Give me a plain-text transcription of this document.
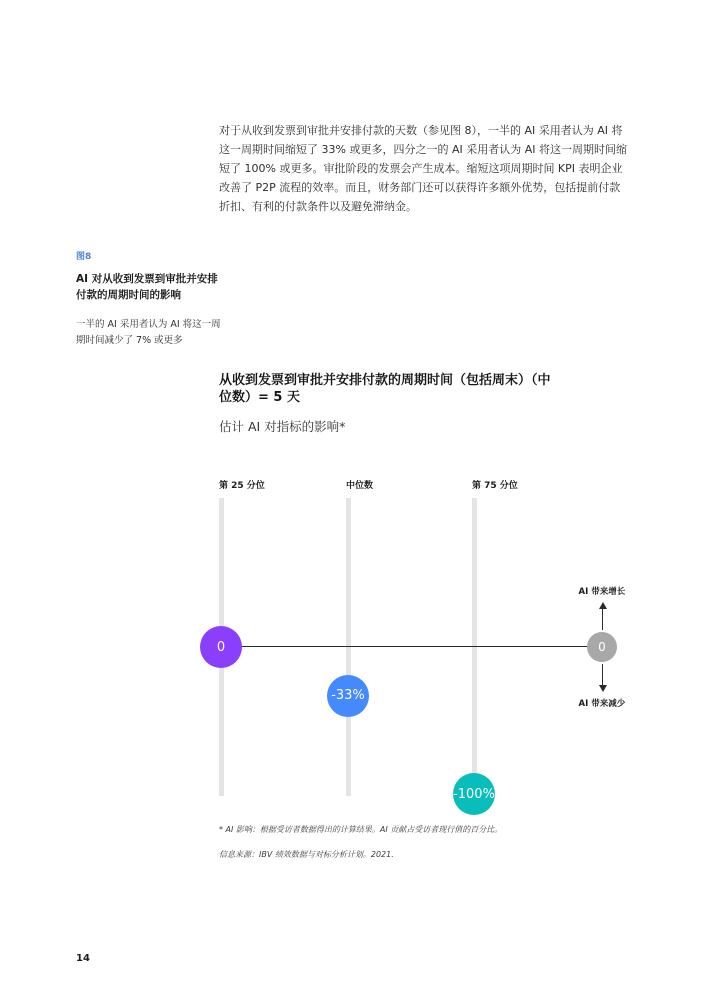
对于从收到发票到审批并安排付款的天数（参见图 8），一半的 AI 采用者认为 AI 将这一周期时间缩短了 33% 或更多，四分之一的 AI 采用者认为 AI 将这一周期时间缩短了 100% 或更多。审批阶段的发票会产生成本。缩短这项周期时间 KPI 表明企业改善了 P2P 流程的效率。而且，财务部门还可以获得许多额外优势，包括提前付款折扣、有利的付款条件以及避免滞纳金。

图8
AI 对从收到发票到审批并安排付款的周期时间的影响
一半的 AI 采用者认为 AI 将这一周期时间减少了 7% 或更多
从收到发票到审批并安排付款的周期时间（包括周末）（中位数）= 5 天
估计 AI 对指标的影响*
第 25 分位	中位数	第 75 分位
0
-33%
-100%
0
AI 带来增长
AI 带来减少
* AI 影响：根据受访者数据得出的计算结果。AI 贡献占受访者现行值的百分比。
信息来源：IBV 绩效数据与对标分析计划。2021.
14
